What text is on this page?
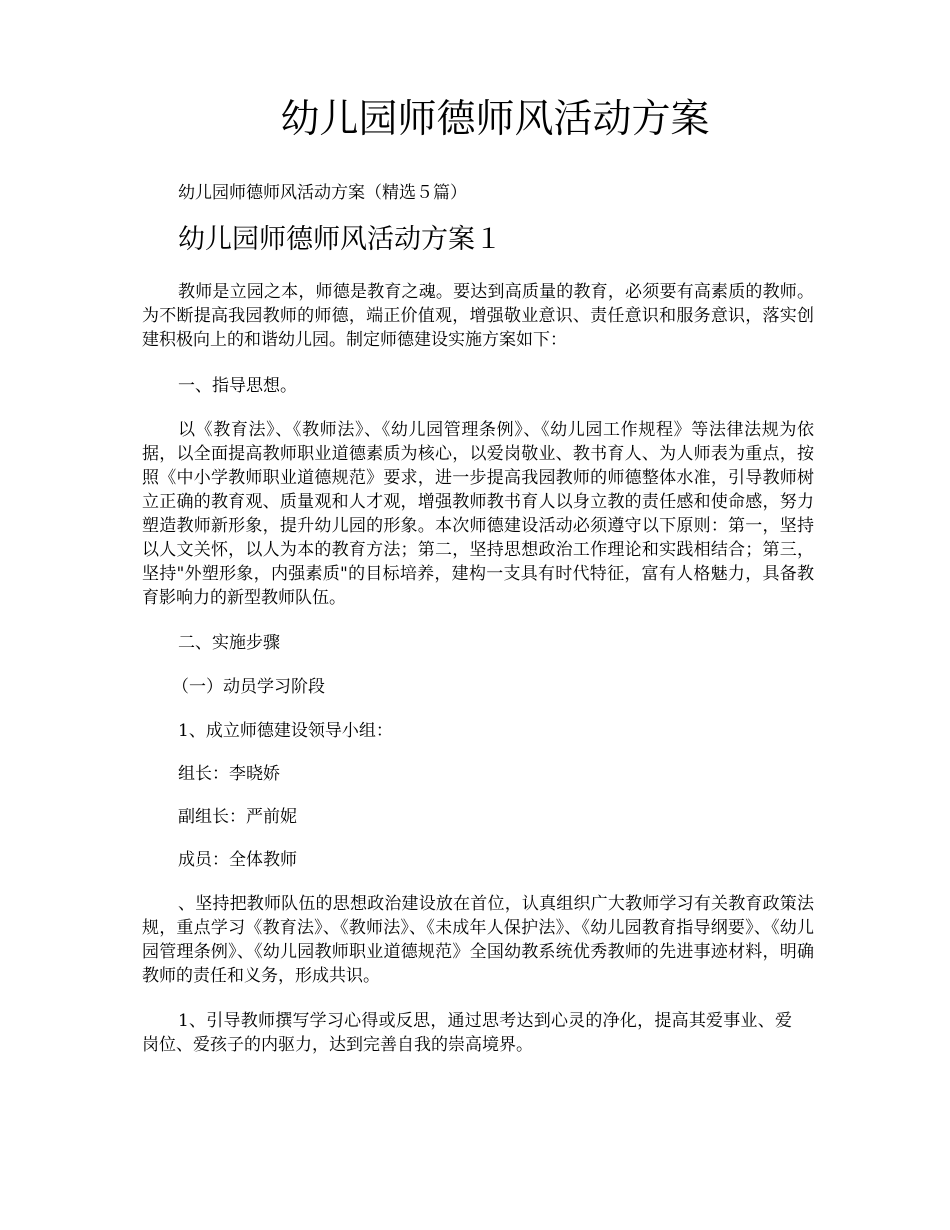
幼儿园师德师风活动方案

幼儿园师德师风活动方案（精选５篇）

幼儿园师德师风活动方案１

教师是立园之本，师德是教育之魂。要达到高质量的教育，必须要有高素质的教师。为不断提高我园教师的师德，端正价值观，增强敬业意识、责任意识和服务意识，落实创建积极向上的和谐幼儿园。制定师德建设实施方案如下：

一、指导思想。

以《教育法》、《教师法》、《幼儿园管理条例》、《幼儿园工作规程》等法律法规为依据，以全面提高教师职业道德素质为核心，以爱岗敬业、教书育人、为人师表为重点，按照《中小学教师职业道德规范》要求，进一步提高我园教师的师德整体水准，引导教师树立正确的教育观、质量观和人才观，增强教师教书育人以身立教的责任感和使命感，努力塑造教师新形象，提升幼儿园的形象。本次师德建设活动必须遵守以下原则：第一，坚持以人文关怀，以人为本的教育方法；第二，坚持思想政治工作理论和实践相结合；第三，坚持"外塑形象，内强素质"的目标培养，建构一支具有时代特征，富有人格魅力，具备教育影响力的新型教师队伍。

二、实施步骤

（一）动员学习阶段

1、成立师德建设领导小组：

组长：李晓娇

副组长：严前妮

成员：全体教师

、坚持把教师队伍的思想政治建设放在首位，认真组织广大教师学习有关教育政策法规，重点学习《教育法》、《教师法》、《未成年人保护法》、《幼儿园教育指导纲要》、《幼儿园管理条例》、《幼儿园教师职业道德规范》全国幼教系统优秀教师的先进事迹材料，明确教师的责任和义务，形成共识。

1、引导教师撰写学习心得或反思，通过思考达到心灵的净化，提高其爱事业、爱岗位、爱孩子的内驱力，达到完善自我的崇高境界。
